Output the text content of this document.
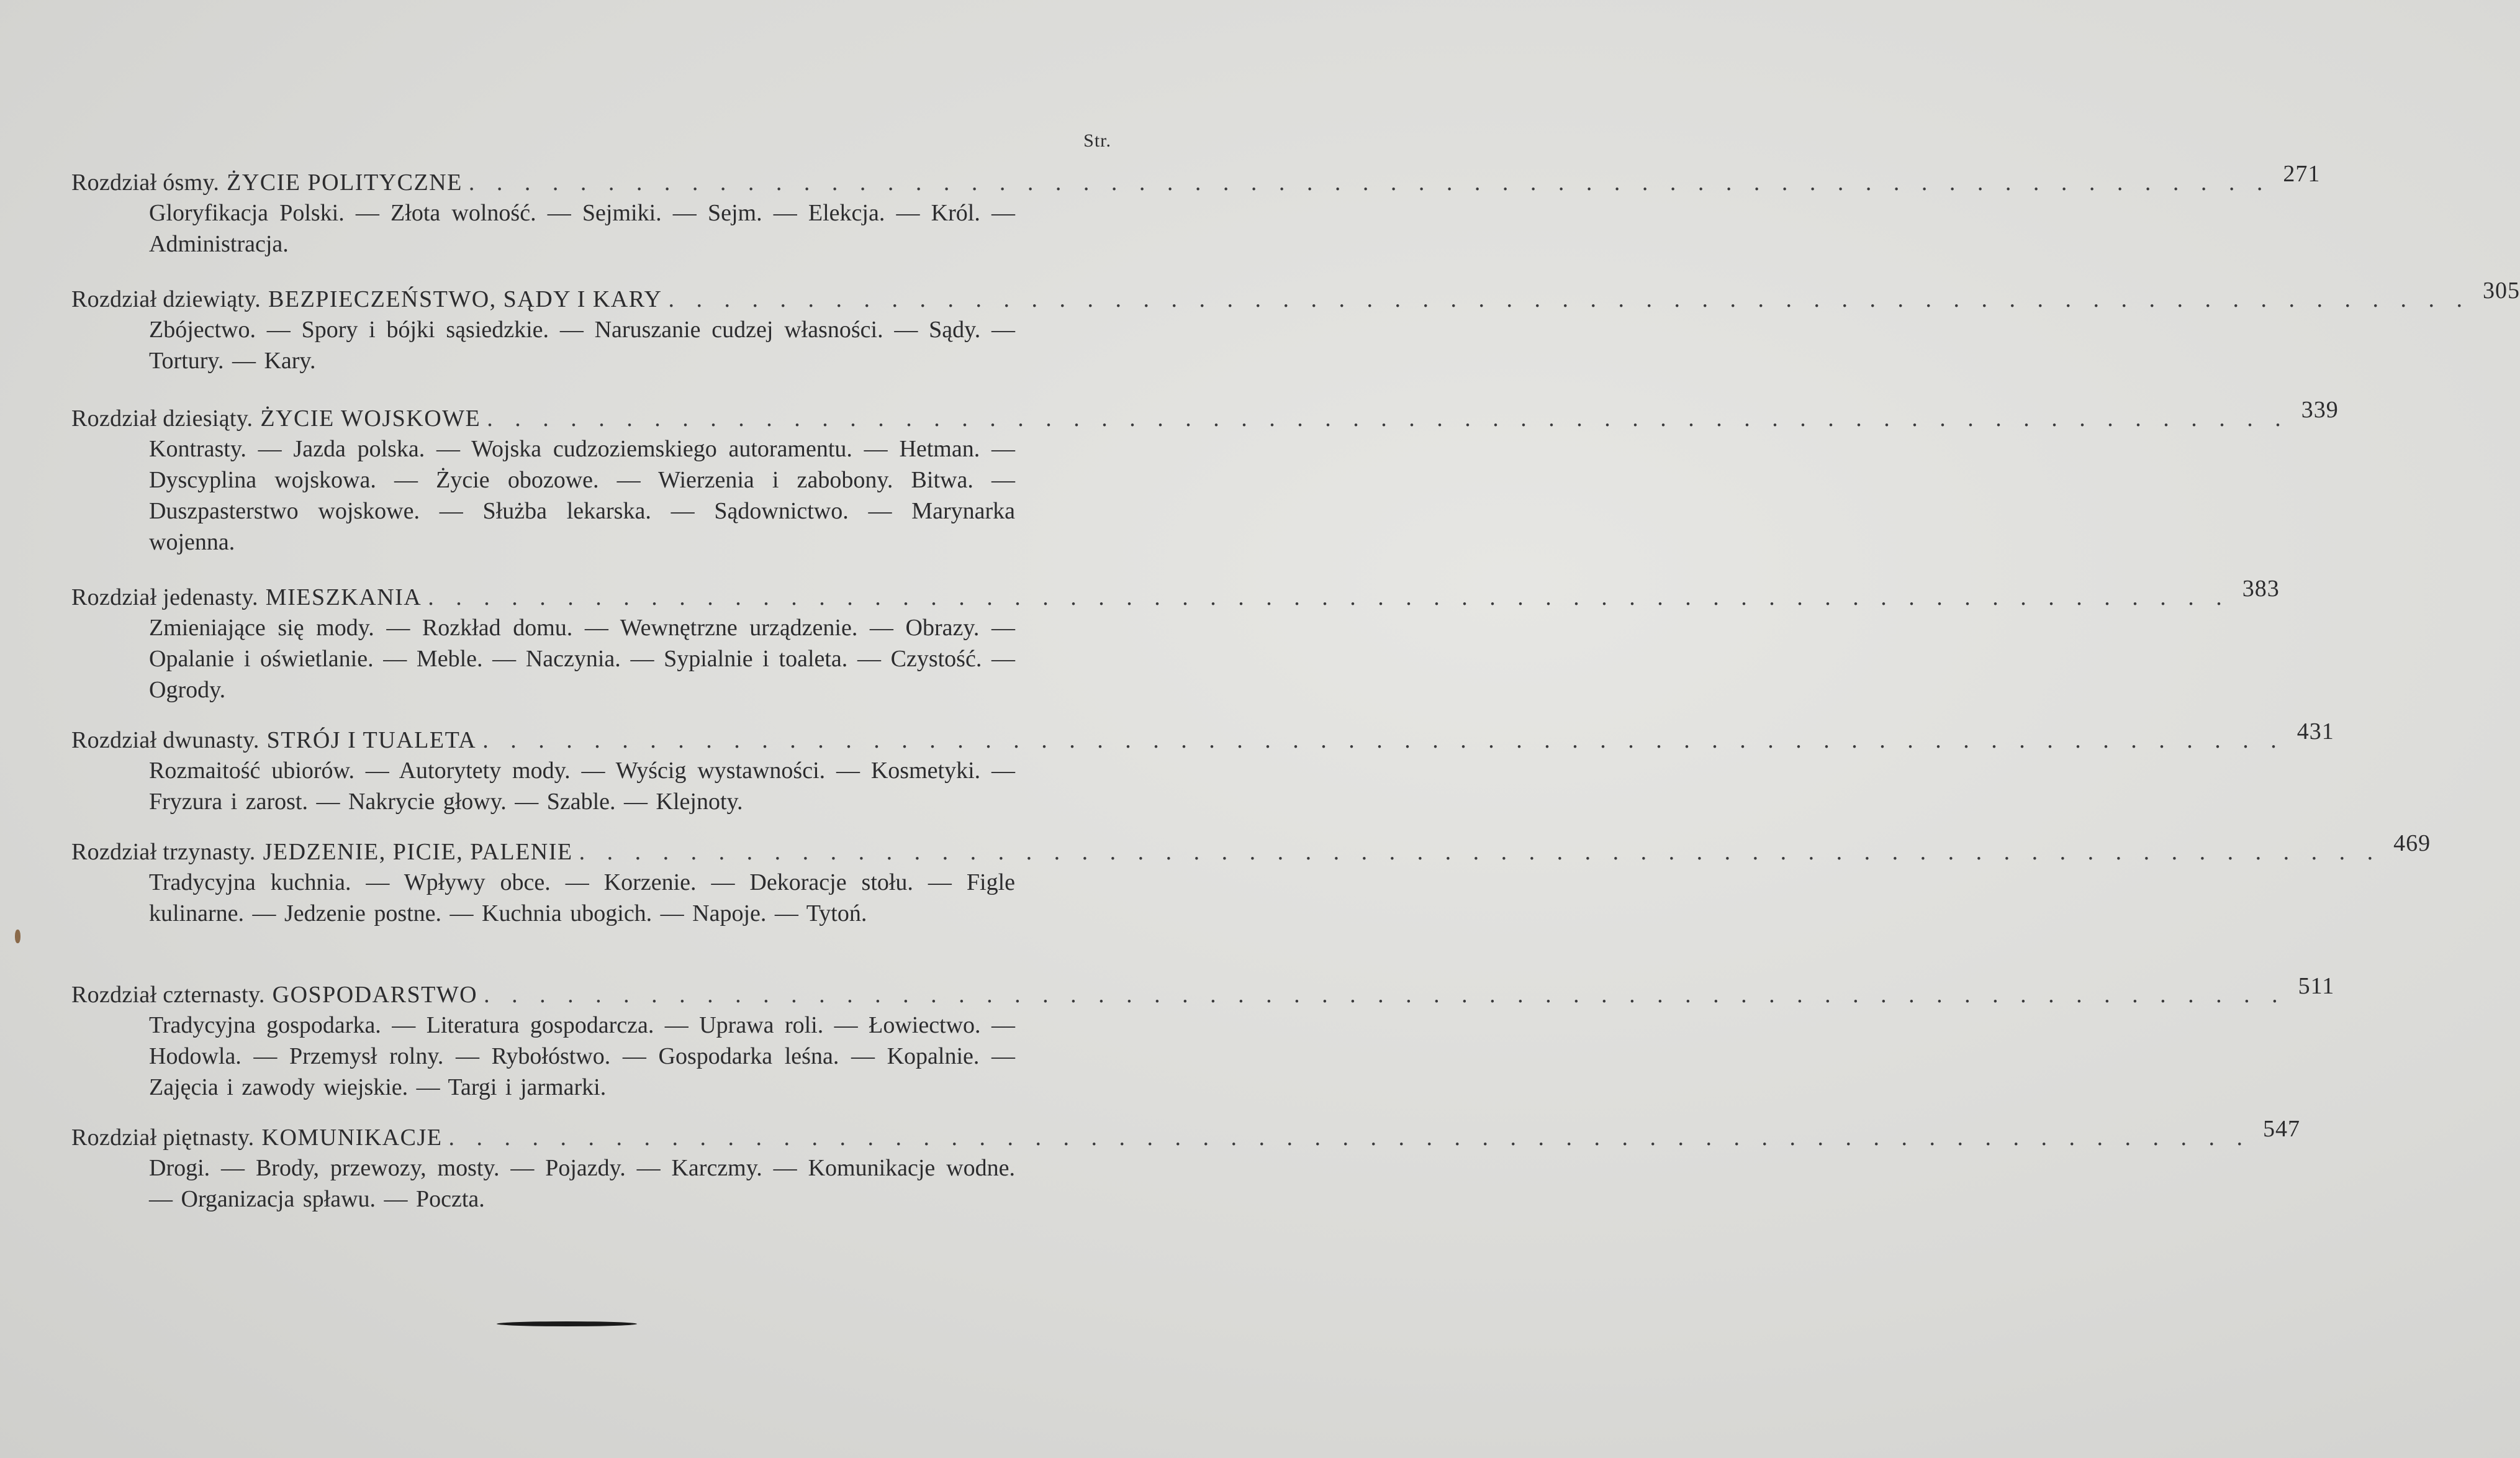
Str.
Rozdział ósmy. ŻYCIE POLITYCZNE . . . . . . . . . . . . . . . . . . . . . . . . . . . . . . . . . . . . . . . . . . . . . . . . . . . . . . . . . . . . . . . . . 271
Gloryfikacja Polski. — Złota wolność. — Sejmiki. — Sejm. — Elekcja. — Król. — Administracja.
Rozdział dziewiąty. BEZPIECZEŃSTWO, SĄDY I KARY . . . . . . . . . . . . . . . . . . . . . . . . . . . . . . . . . . . . . . . . . . . . . . . . . . . . . . . . . . . . . . . . . 305
Zbójectwo. — Spory i bójki sąsiedzkie. — Naruszanie cudzej własności. — Sądy. — Tortury. — Kary.
Rozdział dziesiąty. ŻYCIE WOJSKOWE . . . . . . . . . . . . . . . . . . . . . . . . . . . . . . . . . . . . . . . . . . . . . . . . . . . . . . . . . . . . . . . . . 339
Kontrasty. — Jazda polska. — Wojska cudzoziemskiego autoramentu. — Hetman. — Dyscyplina wojskowa. — Życie obozowe. — Wierzenia i zabobony. Bitwa. — Duszpasterstwo wojskowe. — Służba lekarska. — Sądownictwo. — Marynarka wojenna.
Rozdział jedenasty. MIESZKANIA . . . . . . . . . . . . . . . . . . . . . . . . . . . . . . . . . . . . . . . . . . . . . . . . . . . . . . . . . . . . . . . . . 383
Zmieniające się mody. — Rozkład domu. — Wewnętrzne urządzenie. — Obrazy. — Opalanie i oświetlanie. — Meble. — Naczynia. — Sypialnie i toaleta. — Czystość. — Ogrody.
Rozdział dwunasty. STRÓJ I TUALETA . . . . . . . . . . . . . . . . . . . . . . . . . . . . . . . . . . . . . . . . . . . . . . . . . . . . . . . . . . . . . . . . . 431
Rozmaitość ubiorów. — Autorytety mody. — Wyścig wystawności. — Kosmetyki. — Fryzura i zarost. — Nakrycie głowy. — Szable. — Klejnoty.
Rozdział trzynasty. JEDZENIE, PICIE, PALENIE . . . . . . . . . . . . . . . . . . . . . . . . . . . . . . . . . . . . . . . . . . . . . . . . . . . . . . . . . . . . . . . . . 469
Tradycyjna kuchnia. — Wpływy obce. — Korzenie. — Dekoracje stołu. — Figle kulinarne. — Jedzenie postne. — Kuchnia ubogich. — Napoje. — Tytoń.
Rozdział czternasty. GOSPODARSTWO . . . . . . . . . . . . . . . . . . . . . . . . . . . . . . . . . . . . . . . . . . . . . . . . . . . . . . . . . . . . . . . . . 511
Tradycyjna gospodarka. — Literatura gospodarcza. — Uprawa roli. — Łowiectwo. — Hodowla. — Przemysł rolny. — Rybołóstwo. — Gospodarka leśna. — Kopalnie. — Zajęcia i zawody wiejskie. — Targi i jarmarki.
Rozdział piętnasty. KOMUNIKACJE . . . . . . . . . . . . . . . . . . . . . . . . . . . . . . . . . . . . . . . . . . . . . . . . . . . . . . . . . . . . . . . . . 547
Drogi. — Brody, przewozy, mosty. — Pojazdy. — Karczmy. — Komunikacje wodne. — Organizacja spławu. — Poczta.
